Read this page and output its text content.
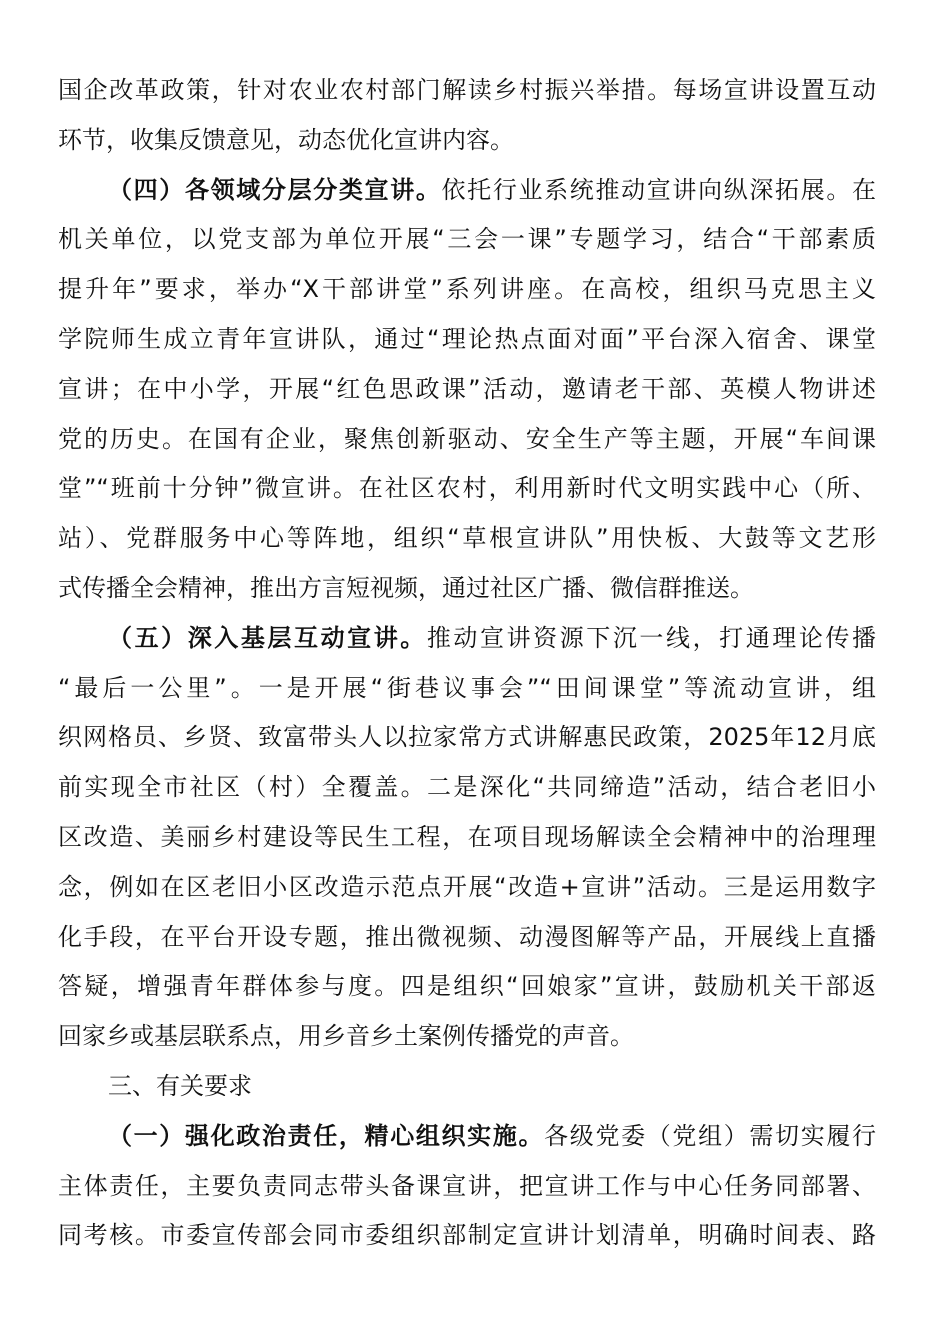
国企改革政策，针对农业农村部门解读乡村振兴举措。每场宣讲设置互动
环节，收集反馈意见，动态优化宣讲内容。
（四）各领域分层分类宣讲。依托行业系统推动宣讲向纵深拓展。在
机关单位，以党支部为单位开展“三会一课”专题学习，结合“干部素质
提升年”要求，举办“X干部讲堂”系列讲座。在高校，组织马克思主义
学院师生成立青年宣讲队，通过“理论热点面对面”平台深入宿舍、课堂
宣讲；在中小学，开展“红色思政课”活动，邀请老干部、英模人物讲述
党的历史。在国有企业，聚焦创新驱动、安全生产等主题，开展“车间课
堂”“班前十分钟”微宣讲。在社区农村，利用新时代文明实践中心（所、
站）、党群服务中心等阵地，组织“草根宣讲队”用快板、大鼓等文艺形
式传播全会精神，推出方言短视频，通过社区广播、微信群推送。
（五）深入基层互动宣讲。推动宣讲资源下沉一线，打通理论传播
“最后一公里”。一是开展“街巷议事会”“田间课堂”等流动宣讲，组
织网格员、乡贤、致富带头人以拉家常方式讲解惠民政策，2025年12月底
前实现全市社区（村）全覆盖。二是深化“共同缔造”活动，结合老旧小
区改造、美丽乡村建设等民生工程，在项目现场解读全会精神中的治理理
念，例如在区老旧小区改造示范点开展“改造+宣讲”活动。三是运用数字
化手段，在平台开设专题，推出微视频、动漫图解等产品，开展线上直播
答疑，增强青年群体参与度。四是组织“回娘家”宣讲，鼓励机关干部返
回家乡或基层联系点，用乡音乡土案例传播党的声音。
三、有关要求
（一）强化政治责任，精心组织实施。各级党委（党组）需切实履行
主体责任，主要负责同志带头备课宣讲，把宣讲工作与中心任务同部署、
同考核。市委宣传部会同市委组织部制定宣讲计划清单，明确时间表、路
